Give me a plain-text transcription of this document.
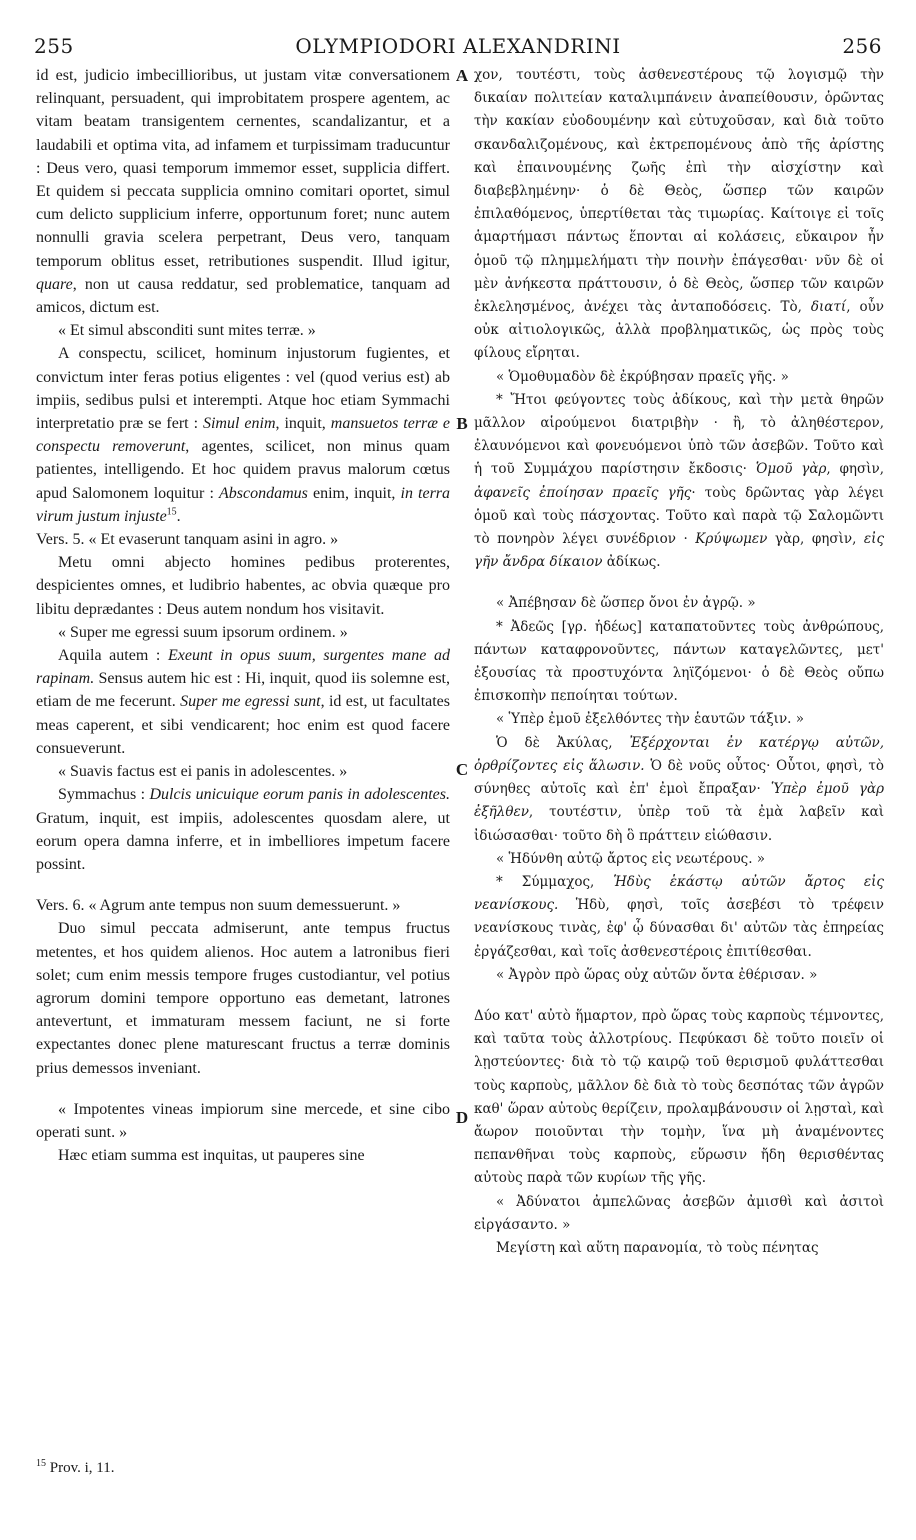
255	OLYMPIODORI ALEXANDRINI	256
A
B
C
D

id est, judicio imbecillioribus, ut justam vitæ conversationem relinquant, persuadent, qui improbitatem prospere agentem, ac vitam beatam transigentem cernentes, scandalizantur, et a laudabili et optima vita, ad infamem et turpissimam traducuntur : Deus vero, quasi temporum immemor esset, supplicia differt. Et quidem si peccata supplicia omnino comitari oportet, simul cum delicto supplicium inferre, opportunum foret; nunc autem nonnulli gravia scelera perpetrant, Deus vero, tanquam temporum oblitus esset, retributiones suspendit. Illud igitur, quare, non ut causa reddatur, sed problematice, tanquam ad amicos, dictum est.

« Et simul absconditi sunt mites terræ. »

A conspectu, scilicet, hominum injustorum fugientes, et convictum inter feras potius eligentes : vel (quod verius est) ab impiis, sedibus pulsi et interempti. Atque hoc etiam Symmachi interpretatio præ se fert : Simul enim, inquit, mansuetos terræ e conspectu removerunt, agentes, scilicet, non minus quam patientes, intelligendo. Et hoc quidem pravus malorum cœtus apud Salomonem loquitur : Abscondamus enim, inquit, in terra virum justum injuste$^{15}$.

Vers. 5. « Et evaserunt tanquam asini in agro. »

Metu omni abjecto homines pedibus proterentes, despicientes omnes, et ludibrio habentes, ac obvia quæque pro libitu deprædantes : Deus autem nondum hos visitavit.

« Super me egressi suum ipsorum ordinem. »

Aquila autem : Exeunt in opus suum, surgentes mane ad rapinam. Sensus autem hic est : Hi, inquit, quod iis solemne est, etiam de me fecerunt. Super me egressi sunt, id est, ut facultates meas caperent, et sibi vendicarent; hoc enim est quod facere consueverunt.

« Suavis factus est ei panis in adolescentes. »

Symmachus : Dulcis unicuique eorum panis in adolescentes. Gratum, inquit, est impiis, adolescentes quosdam alere, ut eorum opera damna inferre, et in imbelliores impetum facere possint.

Vers. 6. « Agrum ante tempus non suum demessuerunt. »

Duo simul peccata admiserunt, ante tempus fructus metentes, et hos quidem alienos. Hoc autem a latronibus fieri solet; cum enim messis tempore fruges custodiantur, vel potius agrorum domini tempore opportuno eas demetant, latrones antevertunt, et immaturam messem faciunt, ne si forte expectantes donec plene maturescant fructus a terræ dominis prius demessos inveniant.

« Impotentes vineas impiorum sine mercede, et sine cibo operati sunt. »

Hæc etiam summa est inquitas, ut pauperes sine

χον, τουτέστι, τοὺς ἀσθενεστέρους τῷ λογισμῷ τὴν δικαίαν πολιτείαν καταλιμπάνειν ἀναπείθουσιν, ὁρῶντας τὴν κακίαν εὐοδουμένην καὶ εὐτυχοῦσαν, καὶ διὰ τοῦτο σκανδαλιζομένους, καὶ ἐκτρεπομένους ἀπὸ τῆς ἀρίστης καὶ ἐπαινουμένης ζωῆς ἐπὶ τὴν αἰσχίστην καὶ διαβεβλημένην· ὁ δὲ Θεὸς, ὥσπερ τῶν καιρῶν ἐπιλαθόμενος, ὑπερτίθεται τὰς τιμωρίας. Καίτοιγε εἰ τοῖς ἁμαρτήμασι πάντως ἕπονται αἱ κολάσεις, εὔκαιρον ἦν ὁμοῦ τῷ πλημμελήματι τὴν ποινὴν ἐπάγεσθαι· νῦν δὲ οἱ μὲν ἀνήκεστα πράττουσιν, ὁ δὲ Θεὸς, ὥσπερ τῶν καιρῶν ἐκλελησμένος, ἀνέχει τὰς ἀνταποδόσεις. Τὸ, διατί, οὖν οὐκ αἰτιολογικῶς, ἀλλὰ προβληματικῶς, ὡς πρὸς τοὺς φίλους εἴρηται.

« Ὁμοθυμαδὸν δὲ ἐκρύβησαν πραεῖς γῆς. »

* Ἤτοι φεύγοντες τοὺς ἀδίκους, καὶ τὴν μετὰ θηρῶν μᾶλλον αἱρούμενοι διατριβὴν · ἢ, τὸ ἀληθέστερον, ἐλαυνόμενοι καὶ φονευόμενοι ὑπὸ τῶν ἀσεβῶν. Τοῦτο καὶ ἡ τοῦ Συμμάχου παρίστησιν ἔκδοσις· Ὁμοῦ γὰρ, φησὶν, ἀφανεῖς ἐποίησαν πραεῖς γῆς· τοὺς δρῶντας γὰρ λέγει ὁμοῦ καὶ τοὺς πάσχοντας. Τοῦτο καὶ παρὰ τῷ Σαλομῶντι τὸ πονηρὸν λέγει συνέδριον · Κρύψωμεν γὰρ, φησὶν, εἰς γῆν ἄνδρα δίκαιον ἀδίκως.

« Ἀπέβησαν δὲ ὥσπερ ὄνοι ἐν ἀγρῷ. »

* Ἀδεῶς [γρ. ἡδέως] καταπατοῦντες τοὺς ἀνθρώπους, πάντων καταφρονοῦντες, πάντων καταγελῶντες, μετ' ἐξουσίας τὰ προστυχόντα ληϊζόμενοι· ὁ δὲ Θεὸς οὔπω ἐπισκοπὴν πεποίηται τούτων.

« Ὑπὲρ ἐμοῦ ἐξελθόντες τὴν ἑαυτῶν τάξιν. »

Ὁ δὲ Ἀκύλας, Ἐξέρχονται ἐν κατέργῳ αὐτῶν, ὀρθρίζοντες εἰς ἅλωσιν. Ὁ δὲ νοῦς οὗτος· Οὗτοι, φησὶ, τὸ σύνηθες αὐτοῖς καὶ ἐπ' ἐμοὶ ἔπραξαν· Ὑπὲρ ἐμοῦ γὰρ ἐξῆλθεν, τουτέστιν, ὑπὲρ τοῦ τὰ ἐμὰ λαβεῖν καὶ ἰδιώσασθαι· τοῦτο δὴ ὃ πράττειν εἰώθασιν.

« Ἡδύνθη αὐτῷ ἄρτος εἰς νεωτέρους. »

* Σύμμαχος, Ἡδὺς ἑκάστῳ αὐτῶν ἄρτος εἰς νεανίσκους. Ἡδὺ, φησὶ, τοῖς ἀσεβέσι τὸ τρέφειν νεανίσκους τινὰς, ἐφ' ᾧ δύνασθαι δι' αὐτῶν τὰς ἐπηρείας ἐργάζεσθαι, καὶ τοῖς ἀσθενεστέροις ἐπιτίθεσθαι.

« Ἀγρὸν πρὸ ὥρας οὐχ αὐτῶν ὄντα ἐθέρισαν. »

Δύο κατ' αὐτὸ ἥμαρτον, πρὸ ὥρας τοὺς καρποὺς τέμνοντες, καὶ ταῦτα τοὺς ἀλλοτρίους. Πεφύκασι δὲ τοῦτο ποιεῖν οἱ λῃστεύοντες· διὰ τὸ τῷ καιρῷ τοῦ θερισμοῦ φυλάττεσθαι τοὺς καρποὺς, μᾶλλον δὲ διὰ τὸ τοὺς δεσπότας τῶν ἀγρῶν καθ' ὥραν αὐτοὺς θερίζειν, προλαμβάνουσιν οἱ λῃσταὶ, καὶ ἄωρον ποιοῦνται τὴν τομὴν, ἵνα μὴ ἀναμένοντες πεπανθῆναι τοὺς καρποὺς, εὕρωσιν ἤδη θερισθέντας αὐτοὺς παρὰ τῶν κυρίων τῆς γῆς.

« Ἀδύνατοι ἀμπελῶνας ἀσεβῶν ἀμισθὶ καὶ ἀσιτοὶ εἰργάσαντο. »

Μεγίστη καὶ αὕτη παρανομία, τὸ τοὺς πένητας

$^{15}$ Prov. i, 11.
